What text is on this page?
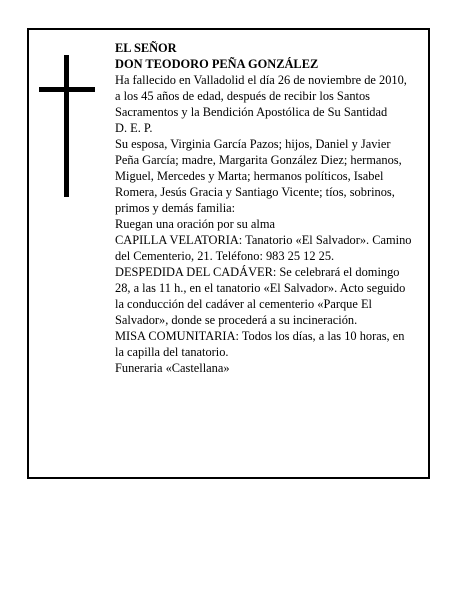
EL SEÑOR

DON TEODORO PEÑA GONZÁLEZ

Ha fallecido en Valladolid el día 26 de noviembre de 2010, a los 45 años de edad, después de recibir los Santos Sacramentos y la Bendición Apostólica de Su Santidad

D. E. P.

Su esposa, Virginia García Pazos; hijos, Daniel y Javier Peña García; madre, Margarita González Diez; hermanos, Miguel, Mercedes y Marta; hermanos políticos, Isabel Romera, Jesús Gracia y Santiago Vicente; tíos, sobrinos, primos y demás familia:

Ruegan una oración por su alma

CAPILLA VELATORIA: Tanatorio «El Salvador». Camino del Cementerio, 21. Teléfono: 983 25 12 25.

DESPEDIDA DEL CADÁVER: Se celebrará el domingo 28, a las 11 h., en el tanatorio «El Salvador». Acto seguido la conducción del cadáver al cementerio «Parque El Salvador», donde se procederá a su incineración.

MISA COMUNITARIA: Todos los días, a las 10 horas, en la capilla del tanatorio.

Funeraria «Castellana»
